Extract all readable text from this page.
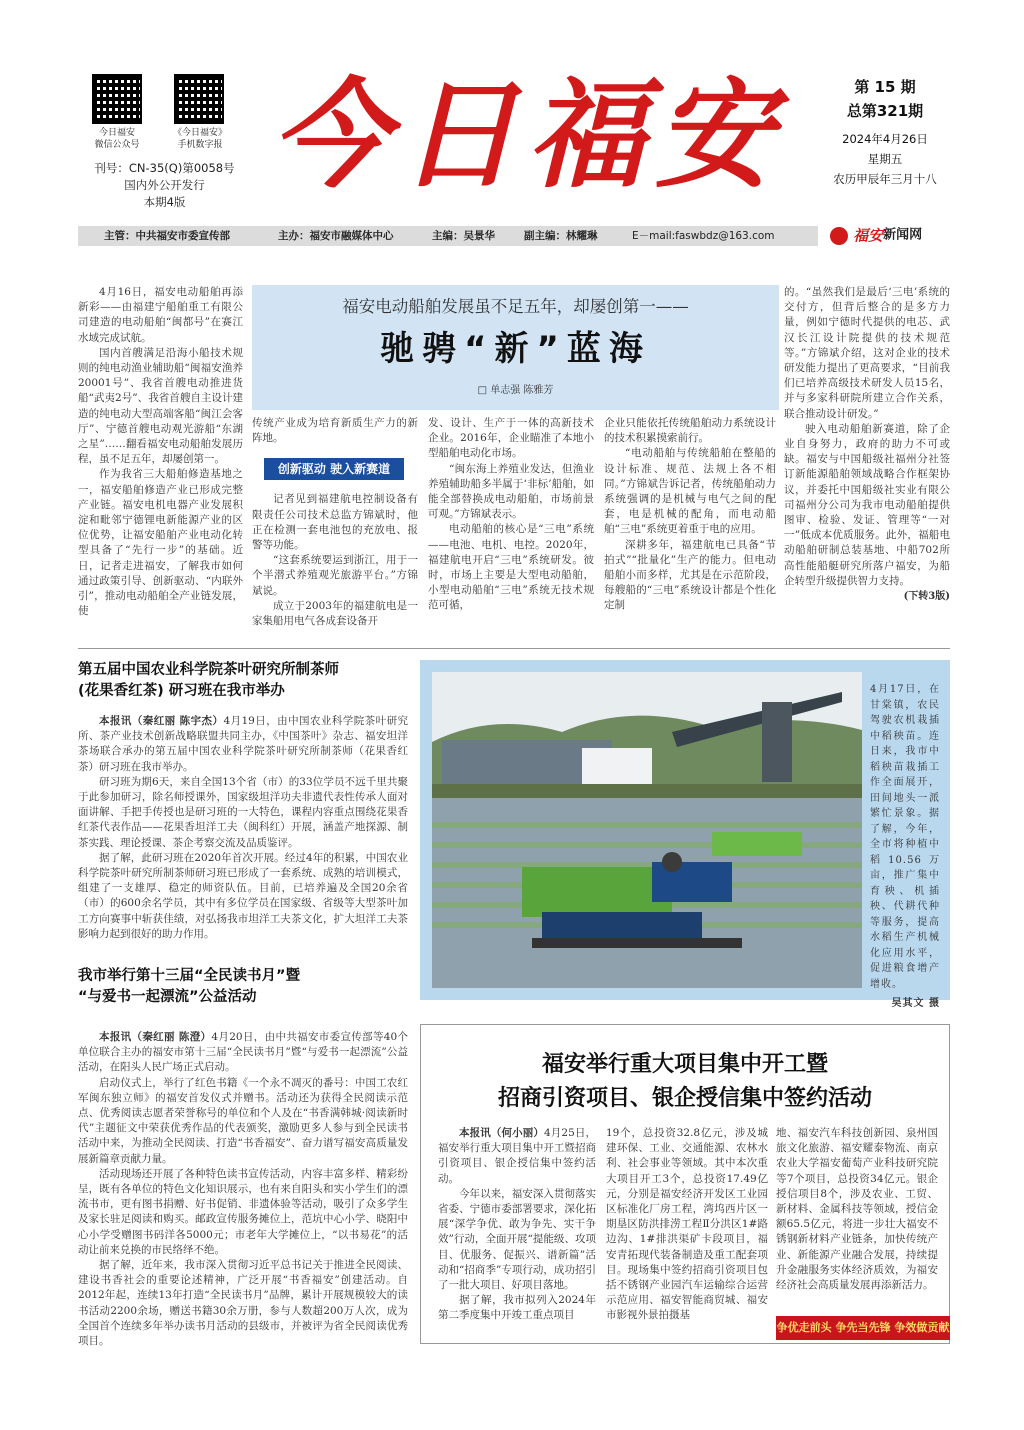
今日福安
微信公众号
《今日福安》
手机数字报
刊号：CN-35(Q)第0058号
国内外公开发行
本期4版 今日福安	第 15 期
总第321期
2024年4月26日
星期五
农历甲辰年三月十八
主管：中共福安市委宣传部	主办：福安市融媒体中心	主编：吴景华	副主编：林耀琳	E－mail:faswbdz@163.com	福安新闻网

4月16日，福安电动船舶再添新彩——由福建宁船舶重工有限公司建造的电动船舶“闽都号”在赛江水域完成试航。

国内首艘满足沿海小船技术规则的纯电动渔业辅助船“闽福安渔养20001号”、我省首艘电动推进货船“武夷2号”、我省首艘自主设计建造的纯电动大型高端客船“闽江会客厅”、宁德首艘电动观光游船“东湖之星”……翻看福安电动船舶发展历程，虽不足五年，却屡创第一。

作为我省三大船舶修造基地之一，福安船舶修造产业已形成完整产业链。福安电机电器产业发展积淀和毗邻宁德锂电新能源产业的区位优势，让福安船舶产业电动化转型具备了“先行一步”的基础。近日，记者走进福安，了解我市如何通过政策引导、创新驱动、“内联外引”，推动电动船舶全产业链发展，使

福安电动船舶发展虽不足五年，却屡创第一——
驰骋“新”蓝海
□ 单志强 陈雅芳

传统产业成为培育新质生产力的新阵地。

创新驱动 驶入新赛道

记者见到福建航电控制设备有限责任公司技术总监方锦斌时，他正在检测一套电池包的充放电、报警等功能。

“这套系统要运到浙江，用于一个半潜式养殖观光旅游平台。”方锦斌说。

成立于2003年的福建航电是一家集船用电气各成套设备开

发、设计、生产于一体的高新技术企业。2016年，企业瞄准了本地小型船舶电动化市场。

“闽东海上养殖业发达，但渔业养殖辅助船多半属于‘非标’船舶，如能全部替换成电动船舶，市场前景可观。”方锦斌表示。

电动船舶的核心是“三电”系统——电池、电机、电控。2020年，福建航电开启“三电”系统研发。彼时，市场上主要是大型电动船舶，小型电动船舶“三电”系统无技术规范可循，

企业只能依托传统船舶动力系统设计的技术积累摸索前行。

“电动船舶与传统船舶在整船的设计标准、规范、法规上各不相同。”方锦斌告诉记者，传统船舶动力系统强调的是机械与电气之间的配套，电是机械的配角，而电动船舶“三电”系统更着重于电的应用。

深耕多年，福建航电已具备“节拍式”“批量化”生产的能力。但电动船舶小而多样，尤其是在示范阶段，每艘船的“三电”系统设计都是个性化定制

的。“虽然我们是最后‘三电’系统的交付方，但背后整合的是多方力量，例如宁德时代提供的电芯、武汉长江设计院提供的技术规范等。”方锦斌介绍，这对企业的技术研发能力提出了更高要求，“目前我们已培养高级技术研发人员15名，并与多家科研院所建立合作关系，联合推动设计研发。”

驶入电动船舶新赛道，除了企业自身努力，政府的助力不可或缺。福安与中国船级社福州分社签订新能源船舶领域战略合作框架协议，并委托中国船级社实业有限公司福州分公司为我市电动船舶提供图审、检验、发证、管理等“一对一”低成本优质服务。此外，福船电动船舶研制总装基地、中船702所高性能船艇研究所落户福安，为船企转型升级提供智力支持。

(下转3版)
第五届中国农业科学院茶叶研究所制茶师
(花果香红茶) 研习班在我市举办

本报讯（秦红丽 陈宇杰）4月19日，由中国农业科学院茶叶研究所、茶产业技术创新战略联盟共同主办，《中国茶叶》杂志、福安坦洋茶场联合承办的第五届中国农业科学院茶叶研究所制茶师（花果香红茶）研习班在我市举办。

研习班为期6天，来自全国13个省（市）的33位学员不远千里共聚于此参加研习，除名师授课外，国家级坦洋功夫非遗代表性传承人面对面讲解、手把手传授也是研习班的一大特色，课程内容重点围绕花果香红茶代表作品——花果香坦洋工夫（闽科红）开展，涵盖产地探源、制茶实践、理论授课、茶企考察交流及品质鉴评。

据了解，此研习班在2020年首次开展。经过4年的积累，中国农业科学院茶叶研究所制茶师研习班已形成了一套系统、成熟的培训模式，组建了一支雄厚、稳定的师资队伍。目前，已培养遍及全国20余省（市）的600余名学员，其中有多位学员在国家级、省级等大型茶叶加工方向赛事中斩获佳绩，对弘扬我市坦洋工夫茶文化，扩大坦洋工夫茶影响力起到很好的助力作用。

我市举行第十三届“全民读书月”暨
“与爱书一起漂流”公益活动

本报讯（秦红丽 陈澄）4月20日，由中共福安市委宣传部等40个单位联合主办的福安市第十三届“全民读书月”暨“与爱书一起漂流”公益活动，在阳头人民广场正式启动。

启动仪式上，举行了红色书籍《一个永不凋灭的番号：中国工农红军闽东独立师》的福安首发仪式并赠书。活动还为获得全民阅读示范点、优秀阅读志愿者荣誉称号的单位和个人及在“书香满韩城·阅读新时代”主题征文中荣获优秀作品的代表颁奖，激励更多人参与到全民读书活动中来，为推动全民阅读、打造“书香福安”、奋力谱写福安高质量发展新篇章贡献力量。

活动现场还开展了各种特色读书宣传活动，内容丰富多样、精彩纷呈，既有各单位的特色文化知识展示，也有来自阳头和实小学生们的漂流书市，更有图书捐赠、好书促销、非遗体验等活动，吸引了众多学生及家长驻足阅读和购买。邮政宣传服务摊位上，范坑中心小学、晓阳中心小学受赠图书码洋各5000元；市老年大学摊位上，“以书易花”的活动让前来兑换的市民络绎不绝。

据了解，近年来，我市深入贯彻习近平总书记关于推进全民阅读、建设书香社会的重要论述精神，广泛开展“书香福安”创建活动。自2012年起，连续13年打造“全民读书月”品牌，累计开展规模较大的读书活动2200余场，赠送书籍30余万册，参与人数超200万人次，成为全国首个连续多年举办读书月活动的县级市，并被评为省全民阅读优秀项目。

4月17日，在甘棠镇，农民驾驶农机栽插中稻秧苗。连日来，我市中稻秧苗栽插工作全面展开，田间地头一派繁忙景象。据了解，今年，全市将种植中稻10.56万亩，推广集中育秧、机插秧、代耕代种等服务，提高水稻生产机械化应用水平，促进粮食增产增收。
吴其文 摄
福安举行重大项目集中开工暨
招商引资项目、银企授信集中签约活动

本报讯（何小丽）4月25日，福安举行重大项目集中开工暨招商引资项目、银企授信集中签约活动。

今年以来，福安深入贯彻落实省委、宁德市委部署要求，深化拓展“深学争优、敢为争先、实干争效”行动，全面开展“提能级、攻项目、优服务、促振兴、谱新篇”活动和“招商季”专项行动，成功招引了一批大项目、好项目落地。

据了解，我市拟列入2024年第二季度集中开竣工重点项目

19个，总投资32.8亿元，涉及城建环保、工业、交通能源、农林水利、社会事业等领域。其中本次重大项目开工3个，总投资17.49亿元，分别是福安经济开发区工业园区标准化厂房工程，湾坞西片区一期垦区防洪排涝工程Ⅱ分洪区1#路边沟、1#排洪渠矿卡段项目，福安青拓现代装备制造及重工配套项目。现场集中签约招商引资项目包括不锈钢产业园汽车运输综合运营示范应用、福安智能商贸城、福安市影视外景拍摄基

地、福安汽车科技创新园、泉州国旅文化旅游、福安耀泰物流、南京农业大学福安葡萄产业科技研究院等7个项目，总投资34亿元。银企授信项目8个，涉及农业、工贸、新材料、金属科技等领域，授信金额65.5亿元，将进一步壮大福安不锈钢新材料产业链条，加快传统产业、新能源产业融合发展，持续提升金融服务实体经济质效，为福安经济社会高质量发展再添新活力。

争优走前头 争先当先锋 争效做贡献
